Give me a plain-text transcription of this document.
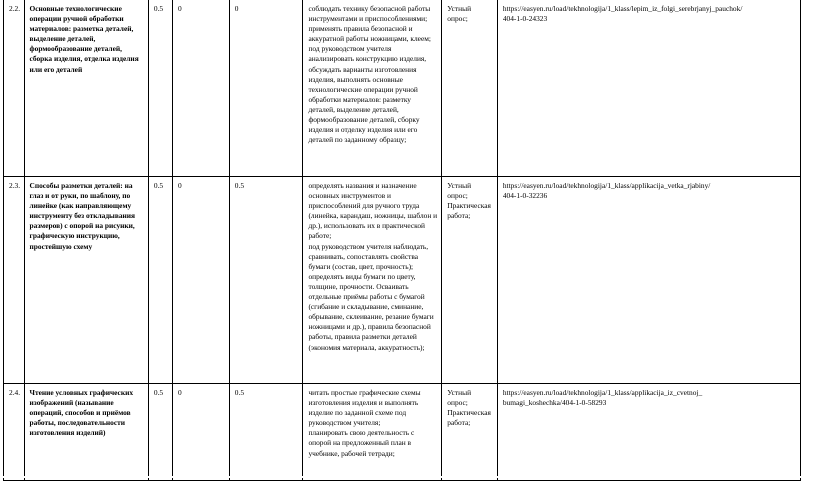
2.2.	Основные технологические операции ручной обработки материалов: разметка деталей, выделение деталей, формообразование деталей, сборка изделия, отделка изделия или его деталей	0.5	0	0	соблюдать технику безопасной работы инструментами и приспособлениями;
применять правила безопасной и аккуратной работы ножницами, клеем;
под руководством учителя анализировать конструкцию изделия, обсуждать варианты изготовления изделия, выполнять основные технологические операции ручной обработки материалов: разметку деталей, выделение деталей, формообразование деталей, сборку изделия и отделку изделия или его деталей по заданному образцу;	Устный опрос;	https://easyen.ru/load/tekhnologija/1_klass/lepim_iz_folgi_serebrjanyj_pauchok/
404-1-0-24323

2.3.	Способы разметки деталей: на глаз и от руки, по шаблону, по линейке (как направляющему инструменту без откладывания размеров) с опорой на рисунки, графическую инструкцию, простейшую схему	0.5	0	0.5	определять названия и назначение основных инструментов и приспособлений для ручного труда (линейка, карандаш, ножницы, шаблон и др.), использовать их в практической работе;
под руководством учителя наблюдать, сравнивать, сопоставлять свойства бумаги (состав, цвет, прочность);
определять виды бумаги по цвету, толщине, прочности. Осваивать отдельные приёмы работы с бумагой (сгибание и складывание, сминание, обрывание, склеивание, резание бумаги ножницами и др.), правила безопасной работы, правила разметки деталей (экономия материала, аккуратность);	Устный опрос;
Практическая работа;	https://easyen.ru/load/tekhnologija/1_klass/applikacija_vetka_rjabiny/
404-1-0-32236

2.4.	Чтение условных графических изображений (называние операций, способов и приёмов работы, последовательности изготовления изделий)	0.5	0	0.5	читать простые графические схемы изготовления изделия и выполнять изделие по заданной схеме под руководством учителя;
планировать свою деятельность с опорой на предложенный план в учебнике, рабочей тетради;	Устный опрос;
Практическая работа;	https://easyen.ru/load/tekhnologija/1_klass/applikacija_iz_cvetnoj_
bumagi_koshechka/404-1-0-58293
